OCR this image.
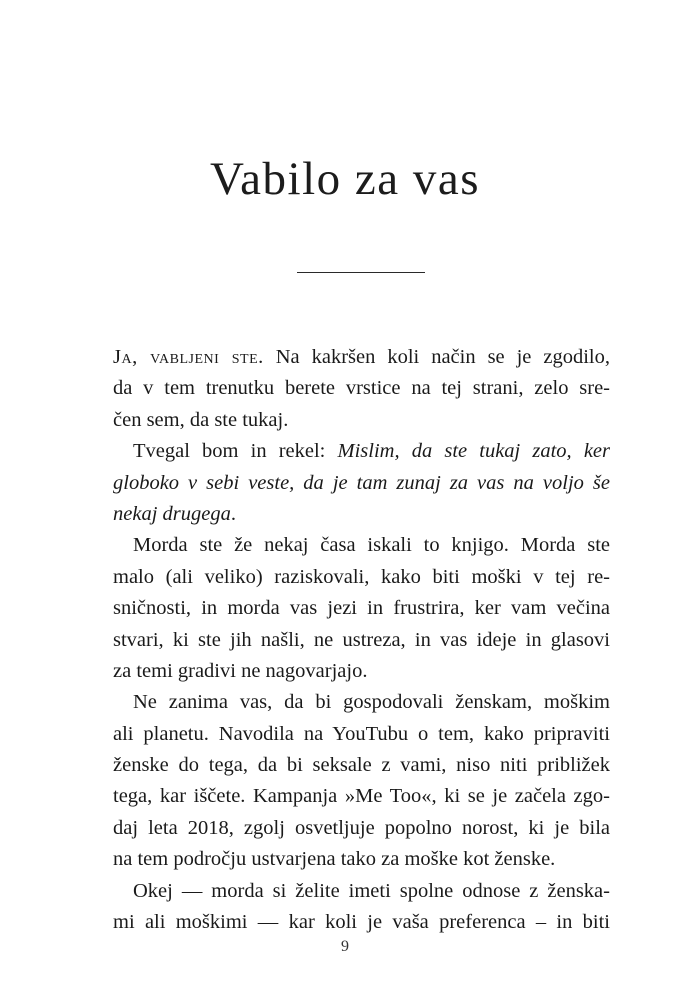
Vabilo za vas
Ja, vabljeni ste. Na kakršen koli način se je zgodilo,
da v tem trenutku berete vrstice na tej strani, zelo sre-
čen sem, da ste tukaj.
Tvegal bom in rekel: Mislim, da ste tukaj zato, ker
globoko v sebi veste, da je tam zunaj za vas na voljo še
nekaj drugega.
Morda ste že nekaj časa iskali to knjigo. Morda ste
malo (ali veliko) raziskovali, kako biti moški v tej re-
sničnosti, in morda vas jezi in frustrira, ker vam večina
stvari, ki ste jih našli, ne ustreza, in vas ideje in glasovi
za temi gradivi ne nagovarjajo.
Ne zanima vas, da bi gospodovali ženskam, moškim
ali planetu. Navodila na YouTubu o tem, kako pripraviti
ženske do tega, da bi seksale z vami, niso niti približek
tega, kar iščete. Kampanja »Me Too«, ki se je začela zgo-
daj leta 2018, zgolj osvetljuje popolno norost, ki je bila
na tem področju ustvarjena tako za moške kot ženske.
Okej — morda si želite imeti spolne odnose z ženska-
mi ali moškimi — kar koli je vaša preferenca – in biti
9
